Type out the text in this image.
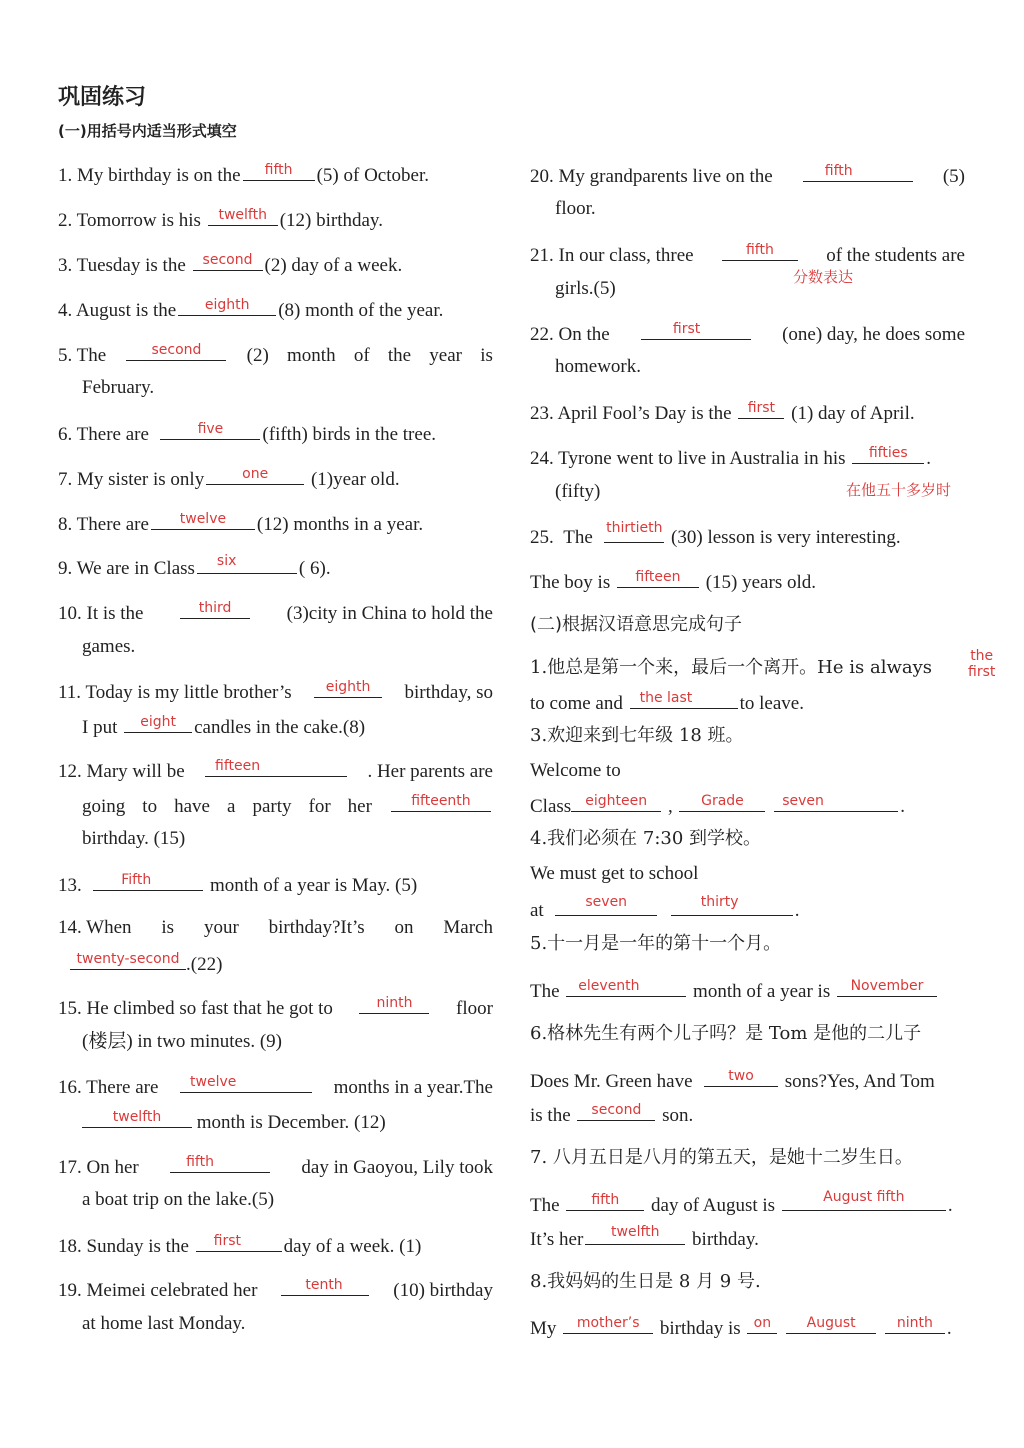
巩固练习
(一)用括号内适当形式填空
1. My birthday is on the	fifth	(5) of October.
2. Tomorrow is his	twelfth (12) birthday.
3. Tuesday is the	second (2) day of a week.
4. August is the	eighth	(8) month of the year.
5. The	second	(2) month of the year is
February.
6. There are	five	(fifth) birds in the tree.
7. My sister is only	one	(1)year old.
8. There are	twelve	(12) months in a year.
9. We are in Class six	( 6).
10. It is the	third	(3)city in China to hold the
games.
11. Today is my little brother’s	eighth	birthday, so
I put	eight candles in the cake.(8)
12. Mary will be fifteen	. Her parents are
going to have a party for her	fifteenth
birthday. (15)
13.	Fifth	month of a year is May. (5)
14. When is your birthday?It’s on March
twenty-second .(22)
15. He climbed so fast that he got to	ninth	floor
(楼层) in two minutes. (9)
16. There are twelve	months in a year.The
twelfth	month is December. (12)
17. On her	fifth	day in Gaoyou, Lily took
a boat trip on the lake.(5)
18. Sunday is the first	day of a week. (1)
19. Meimei celebrated her	tenth	(10) birthday
at home last Monday.
20. My grandparents live on the	fifth	(5)
floor.
21. In our class, three	fifth	of the students are
分数表达
girls.(5)
22. On the	first	(one) day, he does some
homework.
23. April Fool’s Day is the	first (1) day of April.
24. Tyrone went to live in Australia in his	fifties .
(fifty)	在他五十多岁时
25. The thirtieth (30) lesson is very interesting.
The boy is	fifteen	(15) years old.
(二)根据汉语意思完成句子
1.他总是第一个来，最后一个离开。He is always
the
first
to come and the last	to leave.
3.欢迎来到七年级 18 班。
Welcome to
Class	eighteen	,	Grade
	seven	.
4.我们必须在 7:30 到学校。
We must get to school
at	seven
	thirty	.
5.十一月是一年的第十一个月。
The eleventh	month of a year is	November
6.格林先生有两个儿子吗？是 Tom 是他的二儿子
Does Mr. Green have	two	sons?Yes, And Tom
is the	second	son.
7. 八月五日是八月的第五天，是她十二岁生日。
The	fifth	day of August is	August fifth	.
It’s her	twelfth	birthday.
8.我妈妈的生日是 8 月 9 号.
My	mother’s	birthday is on
	August
	ninth .
